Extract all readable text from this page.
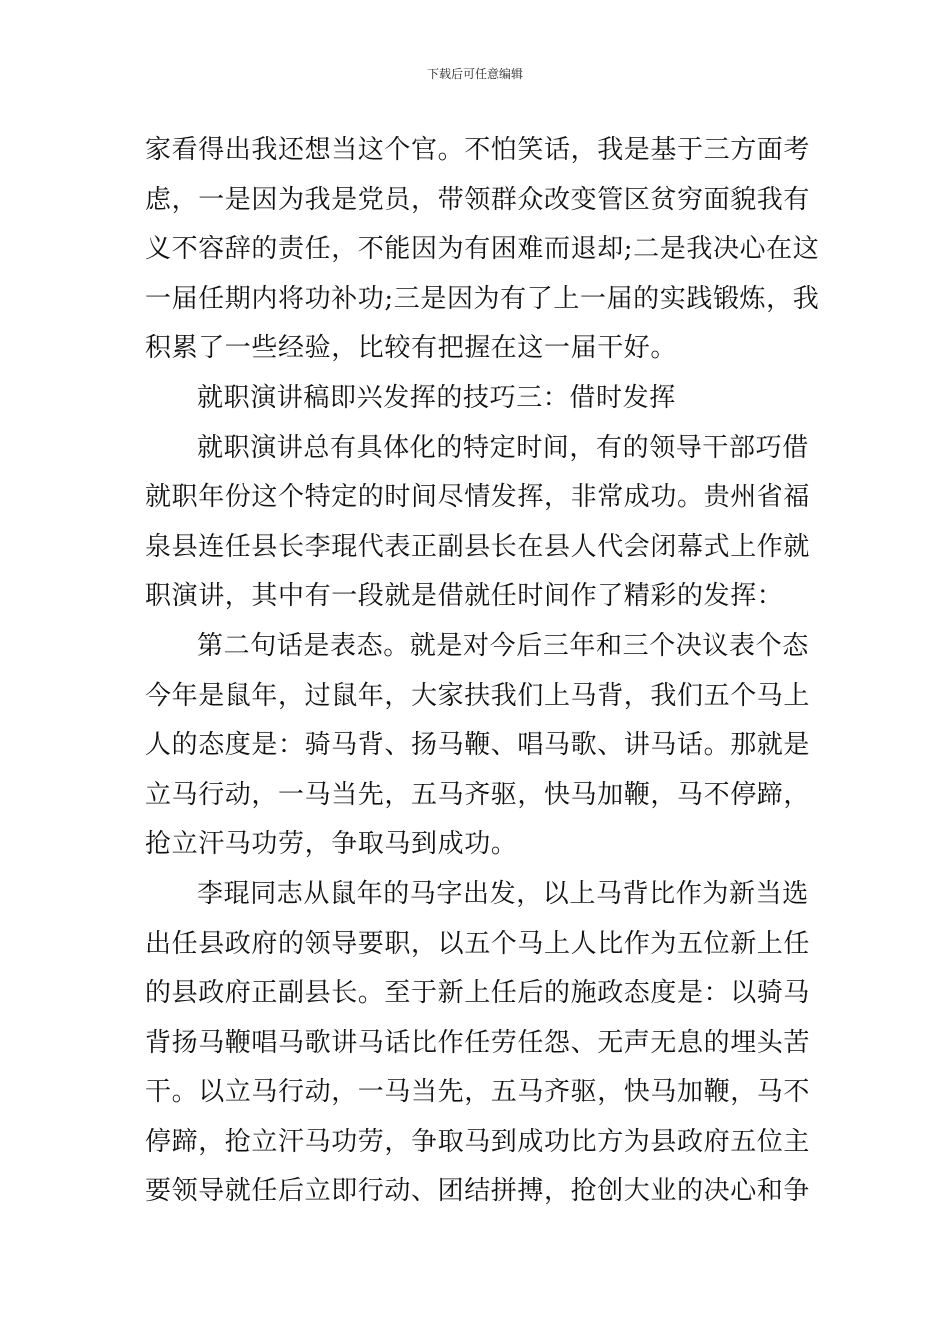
下载后可任意编辑
家看得出我还想当这个官。不怕笑话，我是基于三方面考
虑，一是因为我是党员，带领群众改变管区贫穷面貌我有
义不容辞的责任，不能因为有困难而退却;二是我决心在这
一届任期内将功补功;三是因为有了上一届的实践锻炼，我
积累了一些经验，比较有把握在这一届干好。
就职演讲稿即兴发挥的技巧三：借时发挥
就职演讲总有具体化的特定时间，有的领导干部巧借
就职年份这个特定的时间尽情发挥，非常成功。贵州省福
泉县连任县长李琨代表正副县长在县人代会闭幕式上作就
职演讲，其中有一段就是借就任时间作了精彩的发挥：
第二句话是表态。就是对今后三年和三个决议表个态
今年是鼠年，过鼠年，大家扶我们上马背，我们五个马上
人的态度是：骑马背、扬马鞭、唱马歌、讲马话。那就是
立马行动，一马当先，五马齐驱，快马加鞭，马不停蹄，
抢立汗马功劳，争取马到成功。
李琨同志从鼠年的马字出发，以上马背比作为新当选
出任县政府的领导要职，以五个马上人比作为五位新上任
的县政府正副县长。至于新上任后的施政态度是：以骑马
背扬马鞭唱马歌讲马话比作任劳任怨、无声无息的埋头苦
干。以立马行动，一马当先，五马齐驱，快马加鞭，马不
停蹄，抢立汗马功劳，争取马到成功比方为县政府五位主
要领导就任后立即行动、团结拼搏，抢创大业的决心和争
